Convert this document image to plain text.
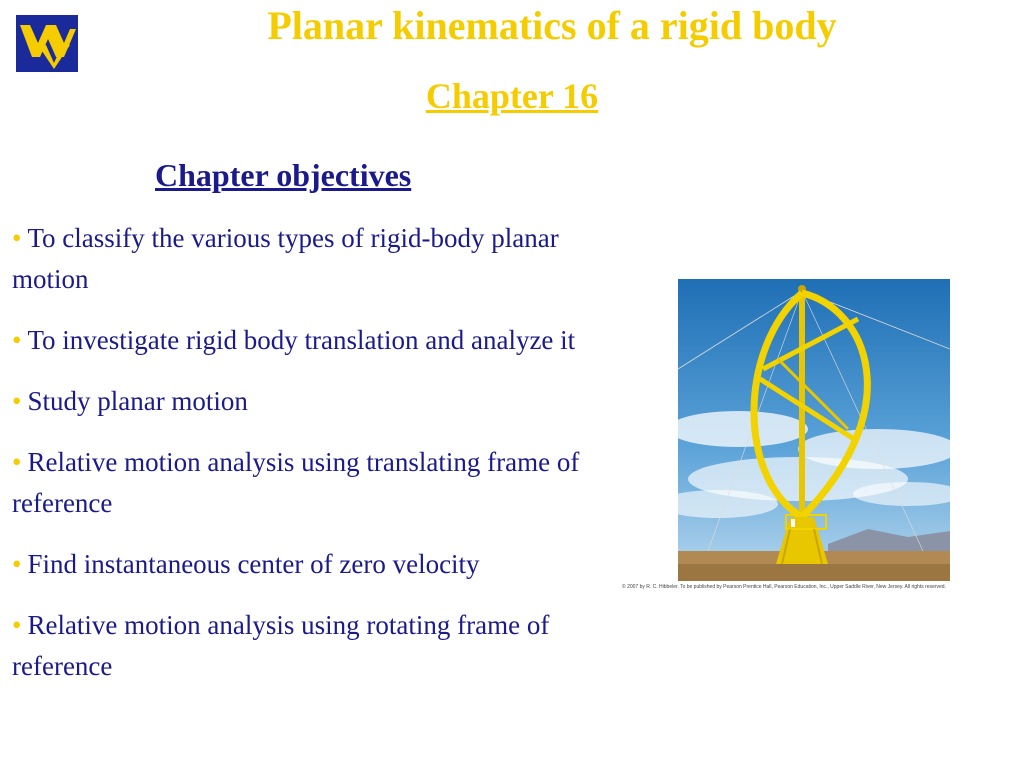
Planar kinematics of a rigid body
Chapter 16
Chapter objectives
• To classify the various types of rigid-body planar motion
• To investigate rigid body translation and analyze it
• Study planar motion
• Relative motion analysis using translating frame of reference
• Find instantaneous center of zero velocity
• Relative motion analysis using rotating frame of reference
© 2007 by R. C. Hibbeler. To be published by Pearson Prentice Hall, Pearson Education, Inc., Upper Saddle River, New Jersey. All rights reserved.
